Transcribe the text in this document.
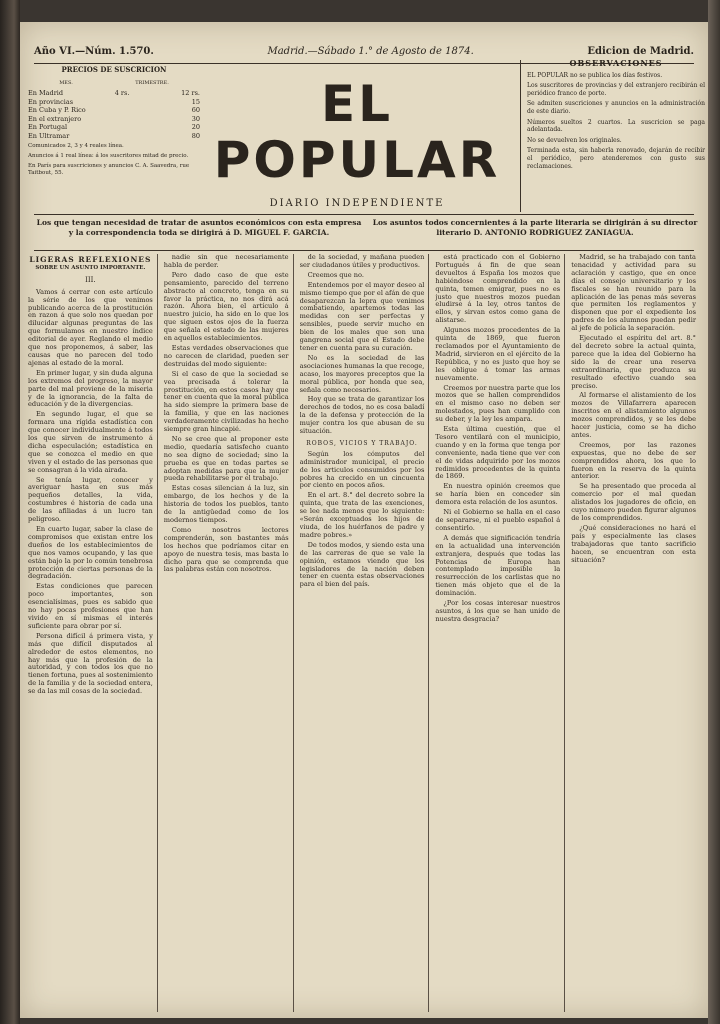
Año VI.—Núm. 1.570.	Madrid.—Sábado 1.° de Agosto de 1874.	Edicion de Madrid.
PRECIOS DE SUSCRICION
MES.	TRIMESTRE.
En Madrid	4 rs.	12 rs.
En provincias	15
En Cuba y P. Rico	60
En el extranjero	30
En Portugal	20
En Ultramar	80
Comunicados 2, 3 y 4 reales línea.
Anuncios á 1 real línea: á los suscritores mitad de precio.
En París para suscriciones y anuncios C. A. Saavedra, rue Taitbout, 55.
EL POPULAR
DIARIO INDEPENDIENTE
OBSERVACIONES

EL POPULAR no se publica los días festivos.

Los suscritores de provincias y del extranjero recibirán el periódico franco de porte.

Se admiten suscriciones y anuncios en la administración de este diario.

Números sueltos 2 cuartos. La suscricion se paga adelantada.

No se devuelven los originales.

Terminada esta, sin haberla renovado, dejarán de recibir el periódico, pero atenderemos con gusto sus reclamaciones.

Los que tengan necesidad de tratar de asuntos económicos con esta empresa y la correspondencia toda se dirigirá á D. MIGUEL F. GARCIA.
Los asuntos todos concernientes á la parte literaria se dirigirán á su director literario D. ANTONIO RODRIGUEZ ZANIAGUA.
LIGERAS REFLEXIONES
SOBRE UN ASUNTO IMPORTANTE.
III.

Vamos á cerrar con este artículo la série de los que venimos publicando acerca de la prostitución en razon á que solo nos quedan por dilucidar algunas preguntas de las que formulamos en nuestro índice editorial de ayer. Reglando el medio que nos proponemos, á saber, las causas que no parecen del todo ajenas al estado de la moral.

En primer lugar, y sin duda alguna los extremos del progreso, la mayor parte del mal proviene de la miseria y de la ignorancia, de la falta de educación y de la divergencias.

En segundo lugar, el que se formara una rígida estadística con que conocer individualmente á todos los que sirven de instrumento á dicha especulación; estadística en que se conozca el medio en que viven y el estado de las personas que se consagran á la vida airada.

Se tenía lugar, conocer y averiguar hasta en sus más pequeños detalles, la vida, costumbres é historia de cada una de las afiliadas á un lucro tan peligroso.

En cuarto lugar, saber la clase de compromisos que existan entre los dueños de los establecimientos de que nos vamos ocupando, y las que están bajo la por lo común tenebrosa protección de ciertas personas de la degradación.

Estas condiciones que parecen poco importantes, son esencialísimas, pues es sabido que no hay pocas profesiones que han vivido en sí mismas el interés suficiente para obrar por sí.

Persona difícil á primera vista, y más que difícil disputados al alrededor de estos elementos, no hay más que la profesión de la autoridad, y con todos los que no tienen fortuna, pues al sostenimiento de la familia y de la sociedad entera, se da las mil cosas de la sociedad.

nadie sin que necesariamente habla de perder.

Pero dado caso de que este pensamiento, parecido del terreno abstracto al concreto, tenga en su favor la práctica, no nos dirá acá razón. Ahora bien, el artículo á nuestro juicio, ha sido en lo que los que siguen estos ojos de la fuerza que señala el estado de las mujeres en aquellos establecimientos.

Estas verdades observaciones que no carecen de claridad, pueden ser destruidas del modo siguiente:

Si el caso de que la sociedad se vea precisada á tolerar la prostitución, en estos casos hay que tener en cuenta que la moral pública ha sido siempre la primera base de la familia, y que en las naciones verdaderamente civilizadas ha hecho siempre gran hincapié.

No se cree que al proponer este medio, quedaría satisfecho cuanto no sea digno de sociedad; sino la prueba es que en todas partes se adoptan medidas para que la mujer pueda rehabilitarse por el trabajo.

Estas cosas silencian á la luz, sin embargo, de los hechos y de la historia de todos los pueblos, tanto de la antigüedad como de los modernos tiempos.

Como nosotros lectores comprenderán, son bastantes más los hechos que podríamos citar en apoyo de nuestra tesis, mas basta lo dicho para que se comprenda que las palabras están con nosotros.

de la sociedad, y mañana pueden ser ciudadanos útiles y productivos.

Creemos que no.

Entendemos por el mayor deseo al mismo tiempo que por el afán de que desaparezcan la lepra que venimos combatiendo, apartemos todas las medidas con ser perfectas y sensibles, puede servir mucho en bien de los males que son una gangrena social que el Estado debe tener en cuenta para su curación.

No es la sociedad de las asociaciones humanas la que recoge, acaso, los mayores preceptos que la moral pública, por honda que sea, señala como necesarios.

Hoy que se trata de garantizar los derechos de todos, no es cosa baladí la de la defensa y protección de la mujer contra los que abusan de su situación.

ROBOS, VICIOS Y TRABAJO.

Según los cómputos del administrador municipal, el precio de los articulos consumidos por los pobres ha crecido en un cincuenta por ciento en pocos años.

En el art. 8.° del decreto sobre la quinta, que trata de las exenciones, se lee nada menos que lo siguiente: «Serán exceptuados los hijos de viuda, de los huérfanos de padre y madre pobres.»

De todos modos, y siendo esta una de las carreras de que se vale la opinión, estamos viendo que los legisladores de la nación deben tener en cuenta estas observaciones para el bien del país.

está practicado con el Gobierno Portugués á fin de que sean devueltos á España los mozos que habiéndose comprendido en la quinta, temen emigrar, pues no es justo que nuestros mozos puedan eludirse á la ley, otros tantos de ellos, y sirvan estos como gana de alistarse.

Algunos mozos procedentes de la quinta de 1869, que fueron reclamados por el Ayuntamiento de Madrid, sirvieron en el ejército de la República, y no es justo que hoy se les obligue á tomar las armas nuevamente.

Creemos por nuestra parte que los mozos que se hallen comprendidos en el mismo caso no deben ser molestados, pues han cumplido con su deber, y la ley les ampara.

Esta última cuestión, que el Tesoro ventilará con el municipio, cuando y en la forma que tenga por conveniente, nada tiene que ver con el de vidas adquirido por los mozos redimidos procedentes de la quinta de 1869.

En nuestra opinión creemos que se haría bien en conceder sin demora esta relación de los asuntos.

Ni el Gobierno se halla en el caso de separarse, ni el pueblo español á consentirlo.

A demás que significación tendría en la actualidad una intervención extranjera, después que todas las Potencias de Europa han contemplado imposible la resurrección de los carlistas que no tienen más objeto que el de la dominación.

¿Por los cosas interesar nuestros asuntos, á los que se han unido de nuestra desgracia?

Madrid, se ha trabajado con tanta tenacidad y actividad para su aclaración y castigo, que en once días el consejo universitario y los fiscales se han reunido para la aplicación de las penas más severas que permiten los reglamentos y disponen que por el expediente los padres de los alumnos puedan pedir al jefe de policía la separación.

Ejecutado el espíritu del art. 8.° del decreto sobre la actual quinta, parece que la idea del Gobierno ha sido la de crear una reserva extraordinaria, que produzca su resultado efectivo cuando sea preciso.

Al formarse el alistamiento de los mozos de Villafarrera aparecen inscritos en el alistamiento algunos mozos comprendidos, y se les debe hacer justicia, como se ha dicho antes.

Creemos, por las razones expuestas, que no debe de ser comprendidos ahora, los que lo fueron en la reserva de la quinta anterior.

Se ha presentado que proceda al comercio por el mal quedan alistados los jugadores de oficio, en cuyo número pueden figurar algunos de los comprendidos.

¿Qué consideraciones no hará el país y especialmente las clases trabajadoras que tanto sacrificio hacen, se encuentran con esta situación?
